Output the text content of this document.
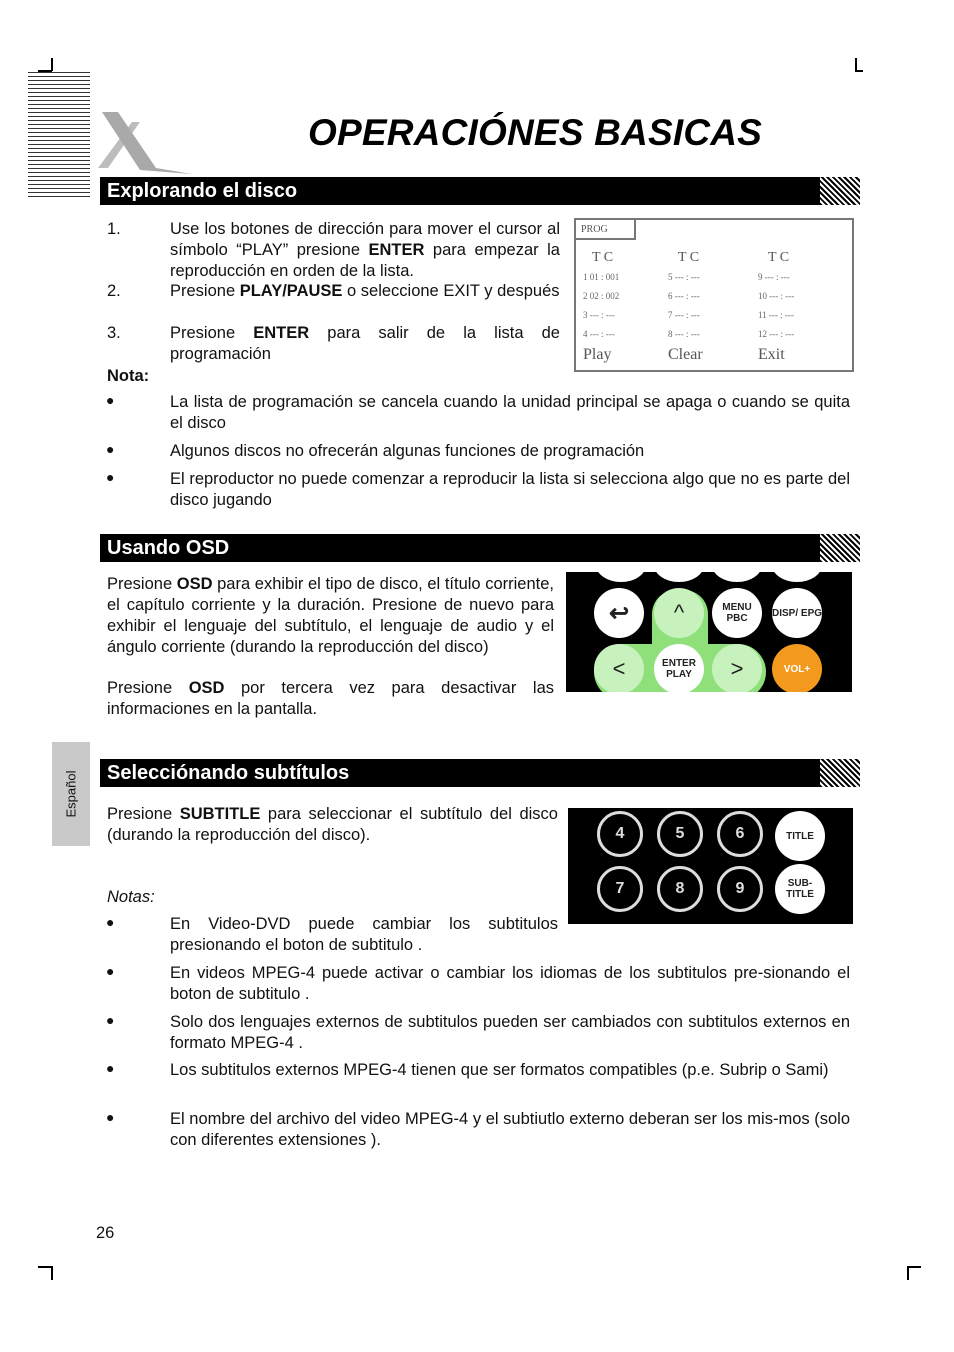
OPERACIÓNES BASICAS
Explorando el disco
1.	Use los botones de dirección para mover el cursor al símbolo “PLAY” presione ENTER para empezar la reproducción en orden de la lista.
2.	Presione PLAY/PAUSE o seleccione EXIT y después
3.	Presione ENTER para salir de la lista de programación
Nota:
●	La lista de programación se cancela cuando la unidad principal se apaga o cuando se quita el disco
●	Algunos discos no ofrecerán algunas funciones de programación
●	El reproductor no puede comenzar a reproducir la lista si selecciona algo que no es parte del disco jugando
PROG
T C	T C	T C
1 01 : 001	5 --- : ---	9 --- : ---
2 02 : 002	6 --- : ---	10 --- : ---
3 --- : ---	7 --- : ---	11 --- : ---
4 --- : ---	8 --- : ---	12 --- : ---
Play	Clear	Exit
Usando OSD
Presione OSD para exhibir el tipo de disco, el título corriente, el capítulo corriente y la duración. Presione de nuevo para exhibir el lenguaje del subtítulo, el lenguaje de audio y el ángulo corriente (durando la reproducción del disco)
Presione OSD por tercera vez para desactivar las informaciones en la pantalla.
↩	^	MENU PBC	DISP/ EPG
<	ENTER PLAY	>	VOL+
Español Selecciónando subtítulos
Presione SUBTITLE para seleccionar el subtítulo del disco (durando la reproducción del disco).
Notas:
4	5	6	TITLE
7	8	9	SUB- TITLE
●	En Video-DVD puede cambiar los subtitulos presionando el boton de subtitulo .
●	En videos MPEG-4 puede activar o cambiar los idiomas de los subtitulos pre-sionando el boton de subtitulo .
●	Solo dos lenguajes externos de subtitulos pueden ser cambiados con subtitulos externos en formato MPEG-4 .
●	Los subtitulos externos MPEG-4 tienen que ser formatos compatibles (p.e. Subrip o Sami)
●	El nombre del archivo del video MPEG-4 y el subtiutlo externo deberan ser los mis-mos (solo con diferentes extensiones ).
26
